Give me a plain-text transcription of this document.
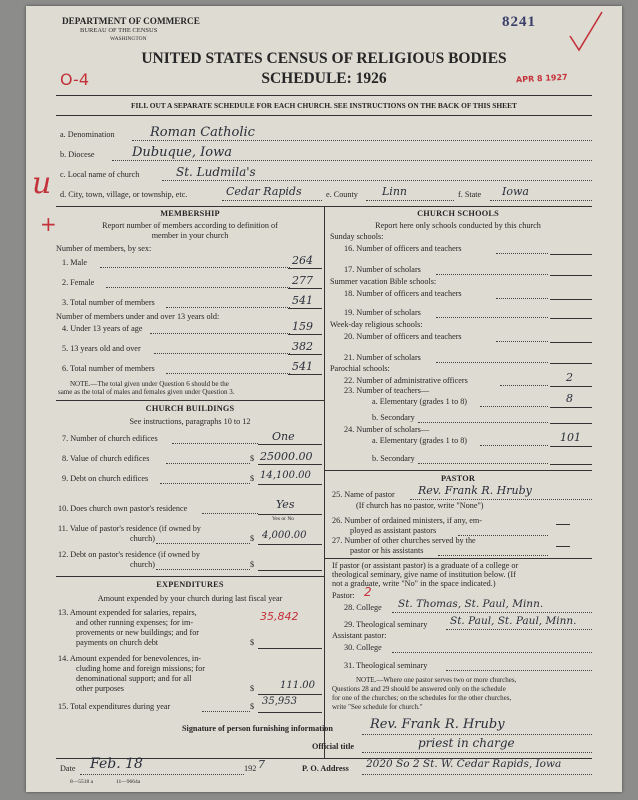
DEPARTMENT OF COMMERCE
BUREAU OF THE CENSUS
WASHINGTON
8241
UNITED STATES CENSUS OF RELIGIOUS BODIES
SCHEDULE: 1926
O-4	APR 8 1927
FILL OUT A SEPARATE SCHEDULE FOR EACH CHURCH. SEE INSTRUCTIONS ON THE BACK OF THIS SHEET
u
+
a. Denomination	Roman Catholic
b. Diocese	Dubuque, Iowa
c. Local name of church	St. Ludmila's
d. City, town, village, or township, etc.	Cedar Rapids	e. County Linn	f. State Iowa
MEMBERSHIP
Report number of members according to definition of
member in your church
Number of members, by sex:
1. Male	264
2. Female	277
3. Total number of members	541
Number of members under and over 13 years old:
4. Under 13 years of age	159
5. 13 years old and over	382
6. Total number of members	541
NOTE.—The total given under Question 6 should be the
same as the total of males and females given under Question 3.
CHURCH BUILDINGS
See instructions, paragraphs 10 to 12
7. Number of church edifices	One
8. Value of church edifices	$ 25000.00
9. Debt on church edifices	$ 14,100.00
10. Does church own pastor's residence	Yes
Yes or No
11. Value of pastor's residence (if owned by
church)	$ 4,000.00
12. Debt on pastor's residence (if owned by
church)	$
EXPENDITURES
Amount expended by your church during last fiscal year
13. Amount expended for salaries, repairs,
and other running expenses; for im-
provements or new buildings; and for
payments on church debt	$
35,842
14. Amount expended for benevolences, in-
cluding home and foreign missions; for
denominational support; and for all
other purposes	$	111.00
15. Total expenditures during year	$ 35,953
CHURCH SCHOOLS
Report here only schools conducted by this church
Sunday schools:
16. Number of officers and teachers
17. Number of scholars
Summer vacation Bible schools:
18. Number of officers and teachers
19. Number of scholars
Week-day religious schools:
20. Number of officers and teachers
21. Number of scholars
Parochial schools:
22. Number of administrative officers	2
23. Number of teachers—
a. Elementary (grades 1 to 8)	8
b. Secondary
24. Number of scholars—
a. Elementary (grades 1 to 8)	101
b. Secondary
PASTOR
25. Name of pastor Rev. Frank R. Hruby
(If church has no pastor, write "None")
26. Number of ordained ministers, if any, em-
ployed as assistant pastors
27. Number of other churches served by the
pastor or his assistants
If pastor (or assistant pastor) is a graduate of a college or
theological seminary, give name of institution below. (If
not a graduate, write "No" in the space indicated.)
Pastor: 2
28. College St. Thomas, St. Paul, Minn.
29. Theological seminary St. Paul, St. Paul, Minn.
Assistant pastor:
30. College
31. Theological seminary
NOTE.—Where one pastor serves two or more churches,
Questions 28 and 29 should be answered only on the schedule
for one of the churches; on the schedules for the other churches,
write "See schedule for church."
Signature of person furnishing information	Rev. Frank R. Hruby
Official title	priest in charge
Date Feb. 18	192 7	P. O. Address 2020 So 2 St. W. Cedar Rapids, Iowa
8—5518 a	11—9664a
